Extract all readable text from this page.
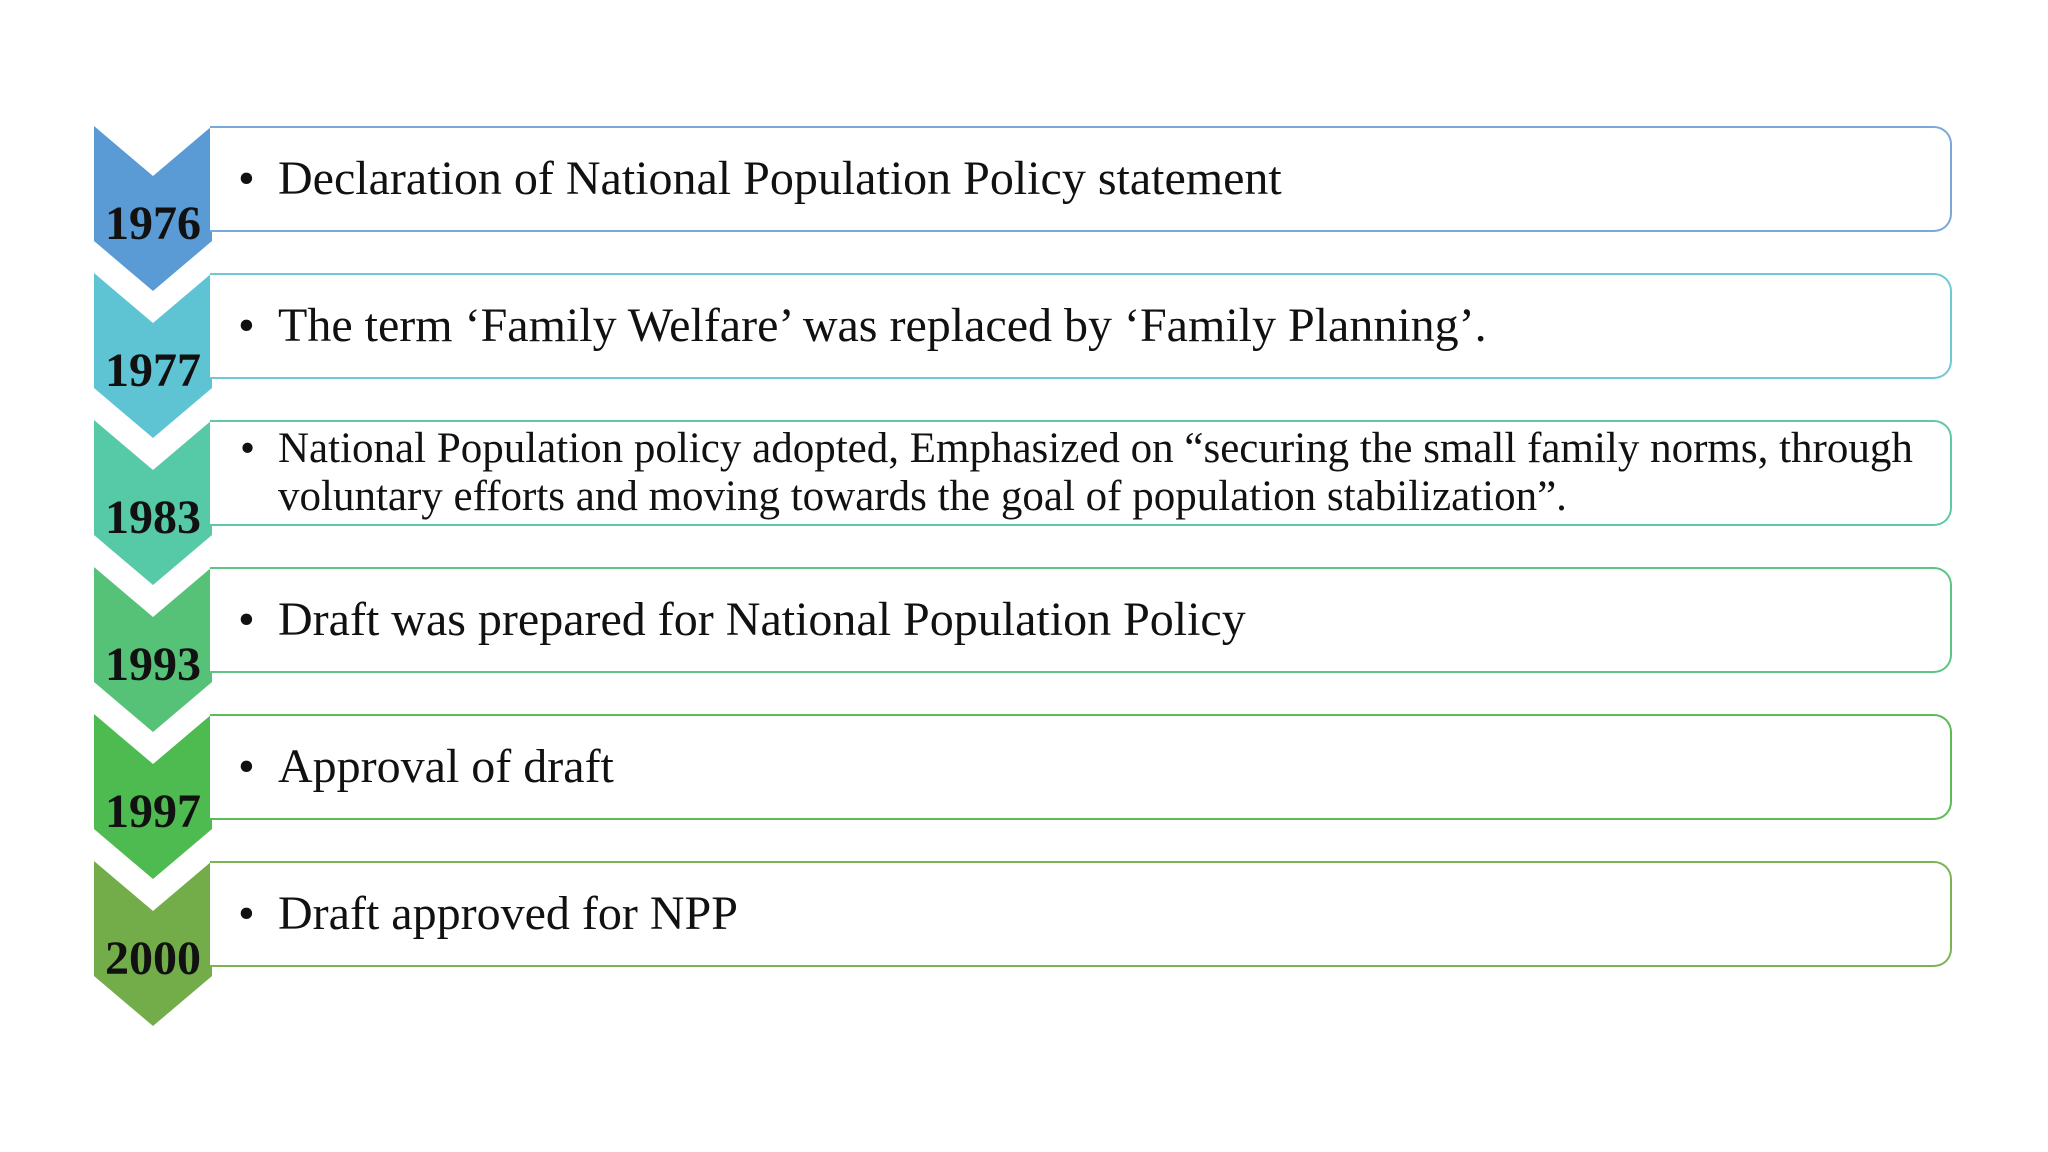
1976
• Declaration of National Population Policy statement
1977
• The term ‘Family Welfare’ was replaced by ‘Family Planning’.
1983
• National Population policy adopted, Emphasized on “securing the small family norms, through voluntary efforts and moving towards the goal of population stabilization”.
1993
• Draft was prepared for National Population Policy
1997
• Approval of draft
2000
• Draft approved for NPP
